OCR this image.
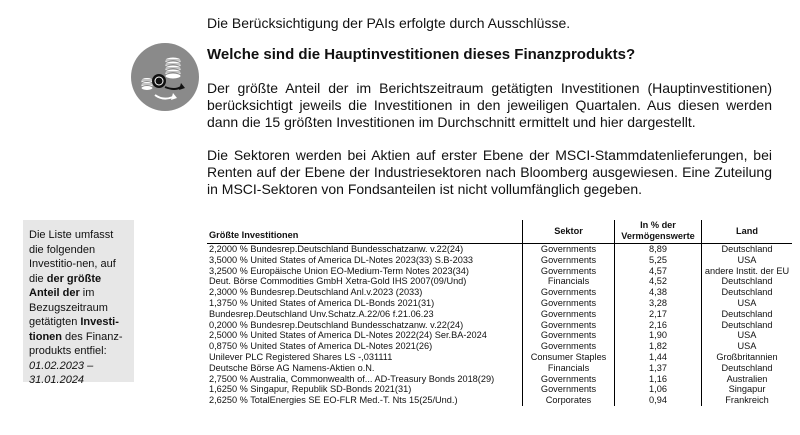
Die Berücksichtigung der PAIs erfolgte durch Ausschlüsse.
Welche sind die Hauptinvestitionen dieses Finanzprodukts?
Der größte Anteil der im Berichtszeitraum getätigten Investitionen (Hauptinvestitionen) berücksichtigt jeweils die Investitionen in den jeweiligen Quartalen. Aus diesen werden dann die 15 größten Investitionen im Durchschnitt ermittelt und hier dargestellt.
Die Sektoren werden bei Aktien auf erster Ebene der MSCI-Stammdatenlieferungen, bei Renten auf der Ebene der Industriesektoren nach Bloomberg ausgewiesen. Eine Zuteilung in MSCI-Sektoren von Fondsanteilen ist nicht vollumfänglich gegeben.
Die Liste umfasst die folgenden Investitio-nen, auf die der größte Anteil der im Bezugszeitraum getätigten Investi-tionen des Finanz-produkts entfiel: 01.02.2023 – 31.01.2024
Größte Investitionen	Sektor	In % der Vermögenswerte	Land
2,2000 % Bundesrep.Deutschland Bundesschatzanw. v.22(24)	Governments	8,89	Deutschland
3,5000 % United States of America DL-Notes 2023(33) S.B-2033	Governments	5,25	USA
3,2500 % Europäische Union EO-Medium-Term Notes 2023(34)	Governments	4,57	andere Instit. der EU
Deut. Börse Commodities GmbH Xetra-Gold IHS 2007(09/Und)	Financials	4,52	Deutschland
2,3000 % Bundesrep.Deutschland Anl.v.2023 (2033)	Governments	4,38	Deutschland
1,3750 % United States of America DL-Bonds 2021(31)	Governments	3,28	USA
Bundesrep.Deutschland Unv.Schatz.A.22/06 f.21.06.23	Governments	2,17	Deutschland
0,2000 % Bundesrep.Deutschland Bundesschatzanw. v.22(24)	Governments	2,16	Deutschland
2,5000 % United States of America DL-Notes 2022(24) Ser.BA-2024	Governments	1,90	USA
0,8750 % United States of America DL-Notes 2021(26)	Governments	1,82	USA
Unilever PLC Registered Shares LS -,031111	Consumer Staples	1,44	Großbritannien
Deutsche Börse AG Namens-Aktien o.N.	Financials	1,37	Deutschland
2,7500 % Australia, Commonwealth of... AD-Treasury Bonds 2018(29)	Governments	1,16	Australien
1,6250 % Singapur, Republik SD-Bonds 2021(31)	Governments	1,06	Singapur
2,6250 % TotalEnergies SE EO-FLR Med.-T. Nts 15(25/Und.)	Corporates	0,94	Frankreich
